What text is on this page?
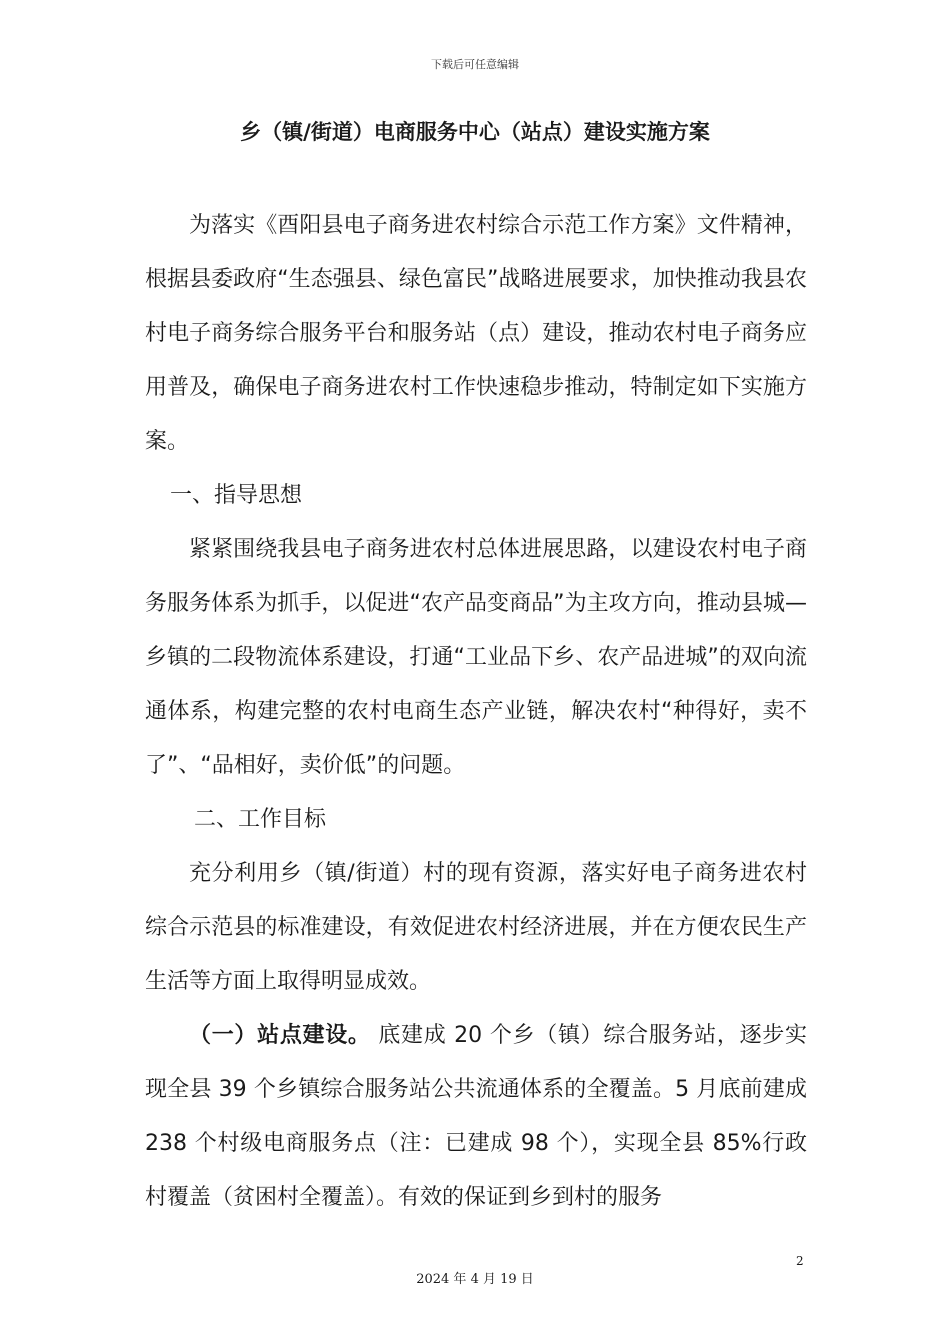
下载后可任意编辑
乡（镇/街道）电商服务中心（站点）建设实施方案

为落实《酉阳县电子商务进农村综合示范工作方案》文件精神，根据县委政府“生态强县、绿色富民”战略进展要求，加快推动我县农村电子商务综合服务平台和服务站（点）建设，推动农村电子商务应用普及，确保电子商务进农村工作快速稳步推动，特制定如下实施方案。

一、指导思想

紧紧围绕我县电子商务进农村总体进展思路，以建设农村电子商务服务体系为抓手，以促进“农产品变商品”为主攻方向，推动县城—乡镇的二段物流体系建设，打通“工业品下乡、农产品进城”的双向流通体系，构建完整的农村电商生态产业链，解决农村“种得好，卖不了”、“品相好，卖价低”的问题。

二、工作目标

充分利用乡（镇/街道）村的现有资源，落实好电子商务进农村综合示范县的标准建设，有效促进农村经济进展，并在方便农民生产生活等方面上取得明显成效。

（一）站点建设。 底建成 20 个乡（镇）综合服务站，逐步实现全县 39 个乡镇综合服务站公共流通体系的全覆盖。5 月底前建成 238 个村级电商服务点（注：已建成 98 个），实现全县 85%行政村覆盖（贫困村全覆盖）。有效的保证到乡到村的服务

2
2024 年 4 月 19 日
